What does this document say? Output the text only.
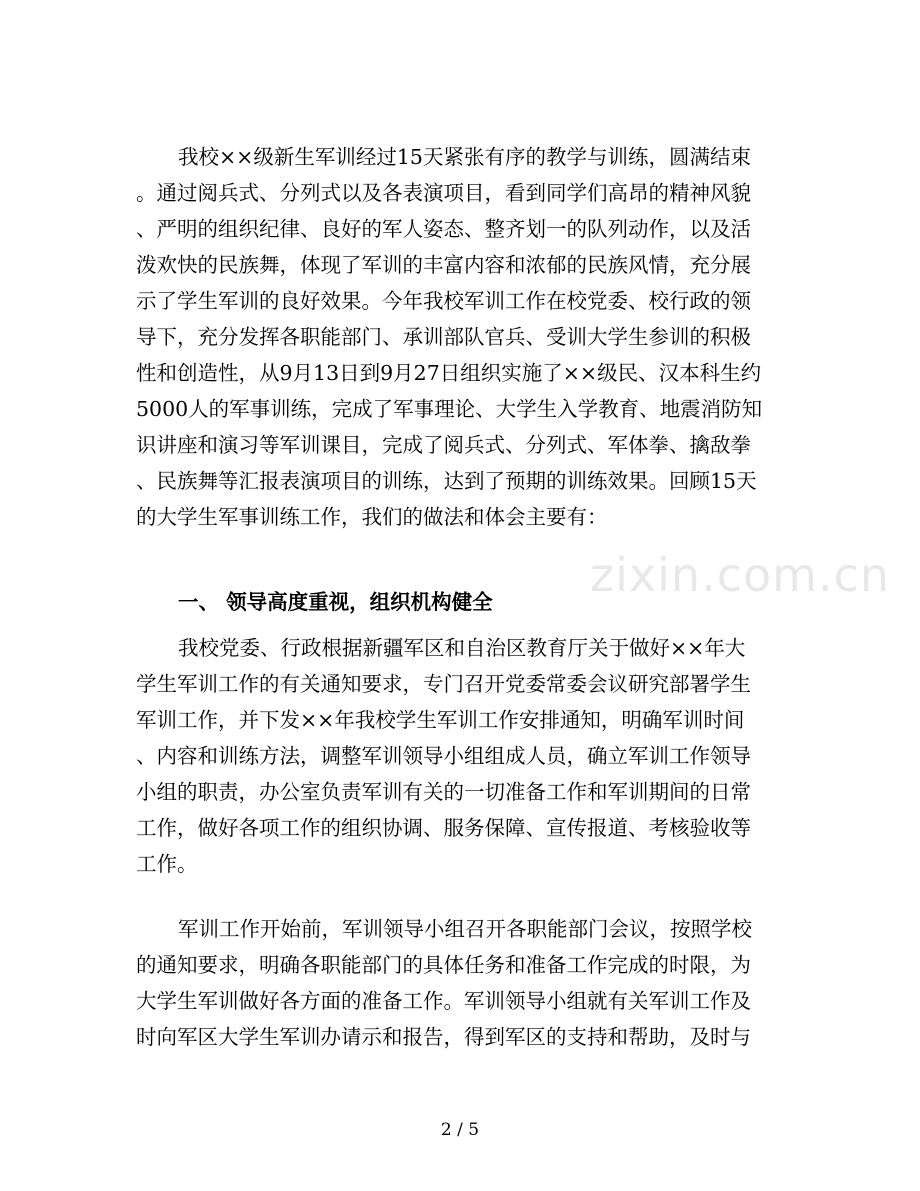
我校××级新生军训经过15天紧张有序的教学与训练，圆满结束
。通过阅兵式、分列式以及各表演项目，看到同学们高昂的精神风貌
、严明的组织纪律、良好的军人姿态、整齐划一的队列动作，以及活
泼欢快的民族舞，体现了军训的丰富内容和浓郁的民族风情，充分展
示了学生军训的良好效果。今年我校军训工作在校党委、校行政的领
导下，充分发挥各职能部门、承训部队官兵、受训大学生参训的积极
性和创造性，从9月13日到9月27日组织实施了××级民、汉本科生约
5000人的军事训练，完成了军事理论、大学生入学教育、地震消防知
识讲座和演习等军训课目，完成了阅兵式、分列式、军体拳、擒敌拳
、民族舞等汇报表演项目的训练，达到了预期的训练效果。回顾15天
的大学生军事训练工作，我们的做法和体会主要有：
zixin.com.cn
一、 领导高度重视，组织机构健全
我校党委、行政根据新疆军区和自治区教育厅关于做好××年大
学生军训工作的有关通知要求，专门召开党委常委会议研究部署学生
军训工作，并下发××年我校学生军训工作安排通知，明确军训时间
、内容和训练方法，调整军训领导小组组成人员，确立军训工作领导
小组的职责，办公室负责军训有关的一切准备工作和军训期间的日常
工作，做好各项工作的组织协调、服务保障、宣传报道、考核验收等
工作。
军训工作开始前，军训领导小组召开各职能部门会议，按照学校
的通知要求，明确各职能部门的具体任务和准备工作完成的时限，为
大学生军训做好各方面的准备工作。军训领导小组就有关军训工作及
时向军区大学生军训办请示和报告，得到军区的支持和帮助，及时与
2 / 5
